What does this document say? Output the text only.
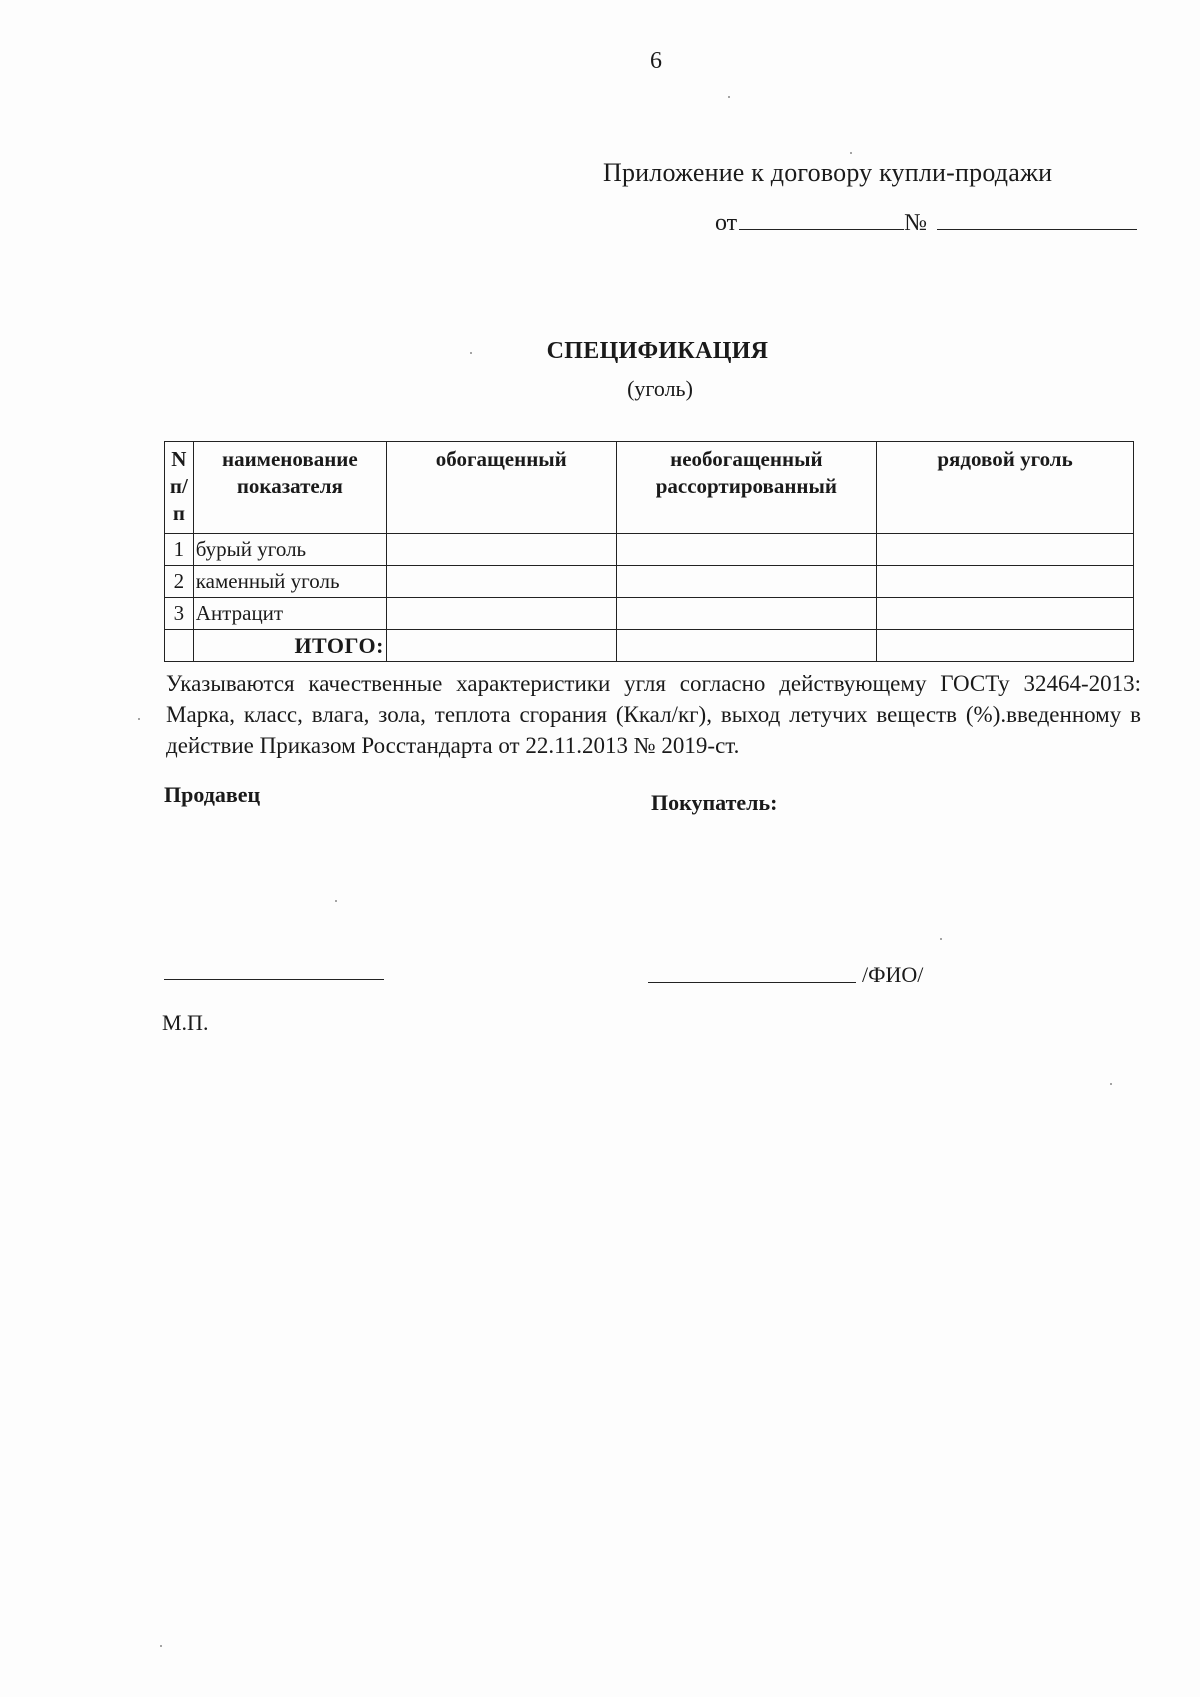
6
Приложение к договору купли-продажи
от	№
СПЕЦИФИКАЦИЯ
(уголь)
N п/ п	наименование показателя	обогащенный	необогащенный рассортированный	рядовой уголь
1	бурый уголь			
2	каменный уголь			
3	Антрацит			
	ИТОГО:			
Указываются качественные характеристики угля согласно действующему ГОСТу 32464-2013: Марка, класс, влага, зола, теплота сгорания (Ккал/кг), выход летучих веществ (%).введенному в действие Приказом Росстандарта от 22.11.2013 № 2019-ст.
Продавец	Покупатель:
/ФИО/
М.П.
